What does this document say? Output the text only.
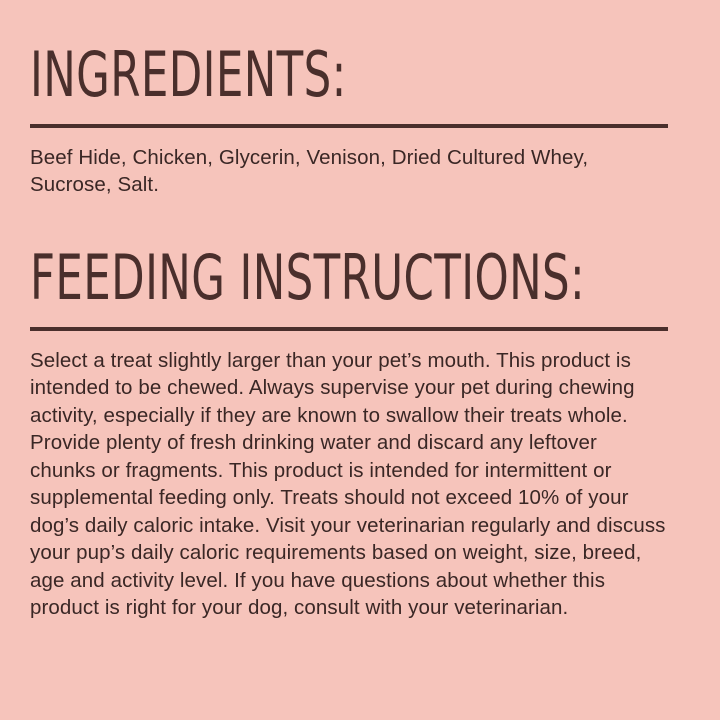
INGREDIENTS:

Beef Hide, Chicken, Glycerin, Venison, Dried Cultured Whey, Sucrose, Salt.

FEEDING INSTRUCTIONS:

Select a treat slightly larger than your pet’s mouth. This product is intended to be chewed. Always supervise your pet during chewing activity, especially if they are known to swallow their treats whole. Provide plenty of fresh drinking water and discard any leftover chunks or fragments. This product is intended for intermittent or supplemental feeding only. Treats should not exceed 10% of your dog’s daily caloric intake. Visit your veterinarian regularly and discuss your pup’s daily caloric requirements based on weight, size, breed, age and activity level. If you have questions about whether this product is right for your dog, consult with your veterinarian.
